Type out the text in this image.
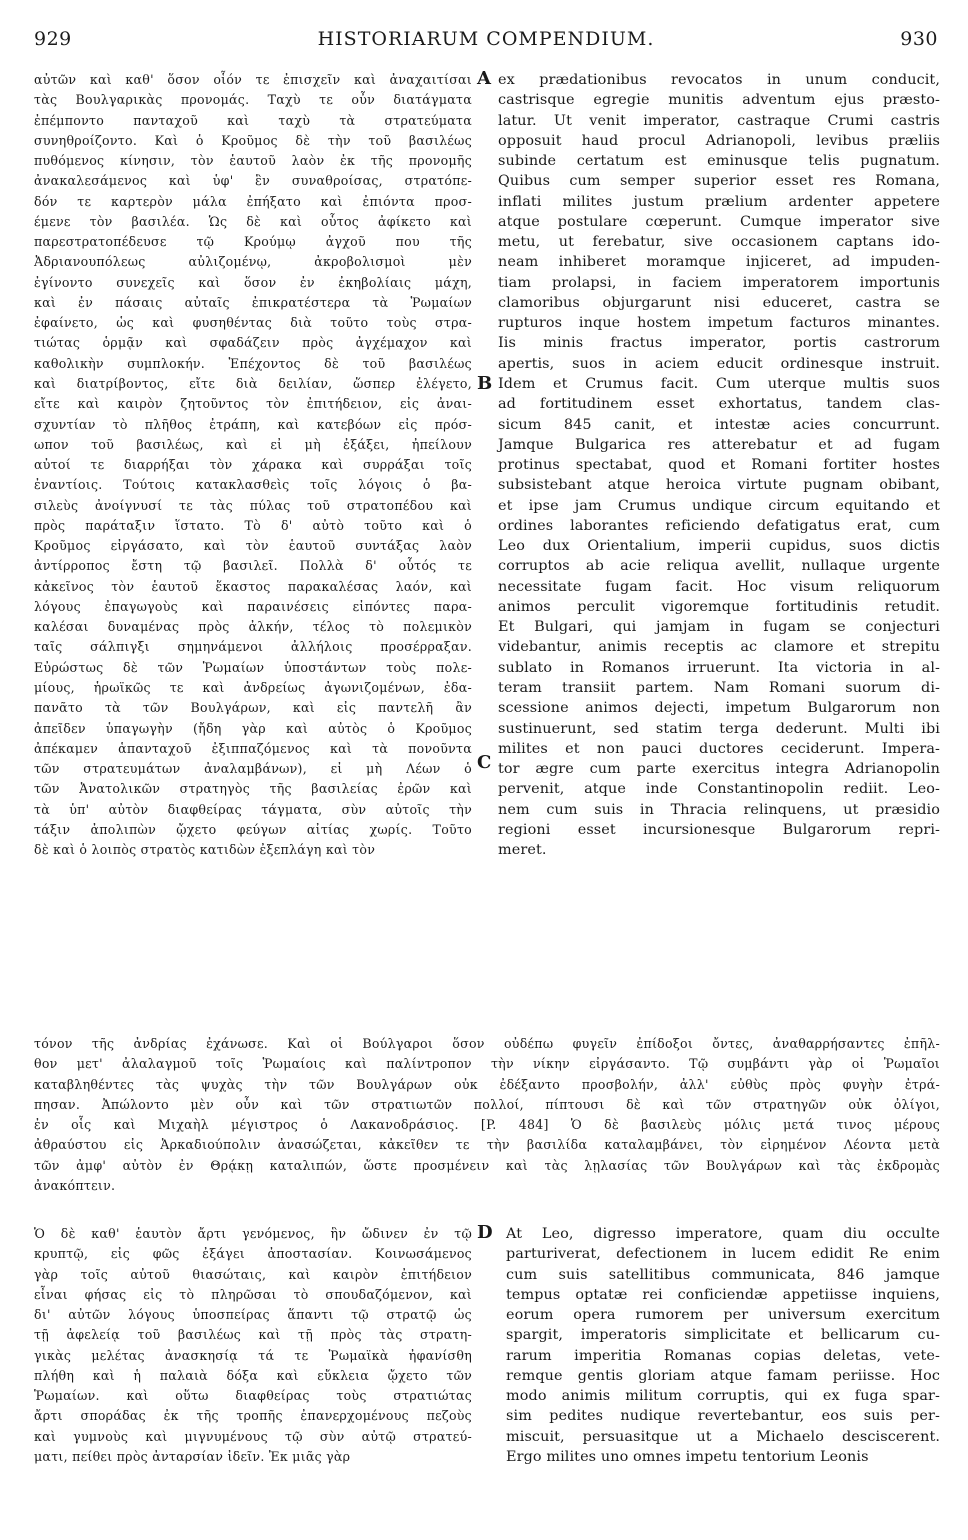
929	HISTORIARUM COMPENDIUM.	930
A
B
C
D
αὐτῶν καὶ καθ' ὅσον οἷόν τε ἐπισχεῖν καὶ ἀναχαιτίσαι
τὰς Βουλγαρικὰς προνομάς. Ταχὺ τε οὖν διατάγματα
ἐπέμποντο πανταχοῦ καὶ ταχὺ τὰ στρατεύματα
συνηθροίζοντο. Καὶ ὁ Κροῦμος δὲ τὴν τοῦ βασιλέως
πυθόμενος κίνησιν, τὸν ἑαυτοῦ λαὸν ἐκ τῆς προνομῆς
ἀνακαλεσάμενος καὶ ὑφ' ἓν συναθροίσας, στρατόπε-
δόν τε καρτερὸν μάλα ἐπήξατο καὶ ἐπιόντα προσ-
έμενε τὸν βασιλέα. Ὡς δὲ καὶ οὗτος ἀφίκετο καὶ
παρεστρατοπέδευσε τῷ Κρούμῳ ἀγχοῦ που τῆς
Ἀδριανουπόλεως αὐλιζομένῳ, ἀκροβολισμοὶ μὲν
ἐγίνοντο συνεχεῖς καὶ ὅσον ἐν ἐκηβολίαις μάχη,
καὶ ἐν πάσαις αὐταῖς ἐπικρατέστερα τὰ Ῥωμαίων
ἐφαίνετο, ὡς καὶ φυσηθέντας διὰ τοῦτο τοὺς στρα-
τιώτας ὁρμᾷν καὶ σφαδάζειν πρὸς ἀγχέμαχον καὶ
καθολικὴν συμπλοκήν. Ἐπέχοντος δὲ τοῦ βασιλέως
καὶ διατρίβοντος, εἴτε διὰ δειλίαν, ὥσπερ ἐλέγετο,
εἴτε καὶ καιρὸν ζητοῦντος τὸν ἐπιτήδειον, εἰς ἀναι-
σχυντίαν τὸ πλῆθος ἐτράπη, καὶ κατεβόων εἰς πρόσ-
ωπον τοῦ βασιλέως, καὶ εἰ μὴ ἐξάξει, ἠπείλουν
αὐτοί τε διαρρήξαι τὸν χάρακα καὶ συρράξαι τοῖς
ἐναντίοις. Τούτοις κατακλασθεὶς τοῖς λόγοις ὁ βα-
σιλεὺς ἀνοίγνυσί τε τὰς πύλας τοῦ στρατοπέδου καὶ
πρὸς παράταξιν ἵστατο. Τὸ δ' αὐτὸ τοῦτο καὶ ὁ
Κροῦμος εἰργάσατο, καὶ τὸν ἑαυτοῦ συντάξας λαὸν
ἀντίρροπος ἔστη τῷ βασιλεῖ. Πολλὰ δ' οὗτός τε
κἀκεῖνος τὸν ἑαυτοῦ ἕκαστος παρακαλέσας λαόν, καὶ
λόγους ἐπαγωγοὺς καὶ παραινέσεις εἰπόντες παρα-
καλέσαι δυναμένας πρὸς ἀλκήν, τέλος τὸ πολεμικὸν
ταῖς σάλπιγξι σημηνάμενοι ἀλλήλοις προσέρραξαν.
Εὐρώστως δὲ τῶν Ῥωμαίων ὑποστάντων τοὺς πολε-
μίους, ἡρωϊκῶς τε καὶ ἀνδρείως ἀγωνιζομένων, ἐδα-
πανᾶτο τὰ τῶν Βουλγάρων, καὶ εἰς παντελῆ ἂν
ἀπεῖδεν ὑπαγωγὴν (ἤδη γὰρ καὶ αὐτὸς ὁ Κροῦμος
ἀπέκαμεν ἁπανταχοῦ ἐξιππαζόμενος καὶ τὰ πονοῦντα
τῶν στρατευμάτων ἀναλαμβάνων), εἰ μὴ Λέων ὁ
τῶν Ἀνατολικῶν στρατηγὸς τῆς βασιλείας ἐρῶν καὶ
τὰ ὑπ' αὐτὸν διαφθείρας τάγματα, σὺν αὐτοῖς τὴν
τάξιν ἀπολιπὼν ᾤχετο φεύγων αἰτίας χωρίς. Τοῦτο
δὲ καὶ ὁ λοιπὸς στρατὸς κατιδὼν ἐξεπλάγη καὶ τὸν
ex prædationibus revocatos in unum conducit,
castrisque egregie munitis adventum ejus præsto-
latur. Ut venit imperator, castraque Crumi castris
opposuit haud procul Adrianopoli, levibus præliis
subinde certatum est eminusque telis pugnatum.
Quibus cum semper superior esset res Romana,
inflati milites justum prælium ardenter appetere
atque postulare cœperunt. Cumque imperator sive
metu, ut ferebatur, sive occasionem captans ido-
neam inhiberet moramque injiceret, ad impuden-
tiam prolapsi, in faciem imperatorem importunis
clamoribus objurgarunt nisi educeret, castra se
rupturos inque hostem impetum facturos minantes.
Iis minis fractus imperator, portis castrorum
apertis, suos in aciem educit ordinesque instruit.
Idem et Crumus facit. Cum uterque multis suos
ad fortitudinem esset exhortatus, tandem clas-
sicum 845 canit, et intestæ acies concurrunt.
Jamque Bulgarica res atterebatur et ad fugam
protinus spectabat, quod et Romani fortiter hostes
subsistebant atque heroica virtute pugnam obibant,
et ipse jam Crumus undique circum equitando et
ordines laborantes reficiendo defatigatus erat, cum
Leo dux Orientalium, imperii cupidus, suos dictis
corruptos ab acie reliqua avellit, nullaque urgente
necessitate fugam facit. Hoc visum reliquorum
animos perculit vigoremque fortitudinis retudit.
Et Bulgari, qui jamjam in fugam se conjecturi
videbantur, animis receptis ac clamore et strepitu
sublato in Romanos irruerunt. Ita victoria in al-
teram transiit partem. Nam Romani suorum di-
scessione animos dejecti, impetum Bulgarorum non
sustinuerunt, sed statim terga dederunt. Multi ibi
milites et non pauci ductores ceciderunt. Impera-
tor ægre cum parte exercitus integra Adrianopolin
pervenit, atque inde Constantinopolin rediit. Leo-
nem cum suis in Thracia relinquens, ut præsidio
regioni esset incursionesque Bulgarorum repri-
meret.
τόνον τῆς ἀνδρίας ἐχάνωσε. Καὶ οἱ Βούλγαροι ὅσον οὐδέπω φυγεῖν ἐπίδοξοι ὄντες, ἀναθαρρήσαντες ἐπῆλ-
θον μετ' ἀλαλαγμοῦ τοῖς Ῥωμαίοις καὶ παλίντροπον τὴν νίκην εἰργάσαντο. Τῷ συμβάντι γὰρ οἱ Ῥωμαῖοι
καταβληθέντες τὰς ψυχὰς τὴν τῶν Βουλγάρων οὐκ ἐδέξαντο προσβολήν, ἀλλ' εὐθὺς πρὸς φυγὴν ἐτρά-
πησαν. Ἀπώλοντο μὲν οὖν καὶ τῶν στρατιωτῶν πολλοί, πίπτουσι δὲ καὶ τῶν στρατηγῶν οὐκ ὀλίγοι,
ἐν οἷς καὶ Μιχαὴλ μέγιστρος ὁ Λακανοδράσιος. [P. 484] Ὁ δὲ βασιλεὺς μόλις μετά τινος μέρους
ἀθραύστου εἰς Ἀρκαδιούπολιν ἀνασώζεται, κἀκεῖθεν τε τὴν βασιλίδα καταλαμβάνει, τὸν εἰρημένον Λέοντα μετὰ
τῶν ἀμφ' αὐτὸν ἐν Θρᾴκῃ καταλιπών, ὥστε προσμένειν καὶ τὰς λῃλασίας τῶν Βουλγάρων καὶ τὰς ἐκδρομὰς
ἀνακόπτειν.
Ὁ δὲ καθ' ἑαυτὸν ἄρτι γενόμενος, ἣν ὤδινεν ἐν τῷ
κρυπτῷ, εἰς φῶς ἐξάγει ἀποστασίαν. Κοινωσάμενος
γὰρ τοῖς αὐτοῦ θιασώταις, καὶ καιρὸν ἐπιτήδειον
εἶναι φήσας εἰς τὸ πληρῶσαι τὸ σπουδαζόμενον, καὶ
δι' αὐτῶν λόγους ὑποσπείρας ἅπαντι τῷ στρατῷ ὡς
τῇ ἀφελείᾳ τοῦ βασιλέως καὶ τῇ πρὸς τὰς στρατη-
γικὰς μελέτας ἀνασκησίᾳ τά τε Ῥωμαϊκὰ ἠφανίσθη
πλήθη καὶ ἡ παλαιὰ δόξα καὶ εὔκλεια ᾤχετο τῶν
Ῥωμαίων. καὶ οὕτω διαφθείρας τοὺς στρατιώτας
ἄρτι σποράδας ἐκ τῆς τροπῆς ἐπανερχομένους πεζοὺς
καὶ γυμνοὺς καὶ μιγνυμένους τῷ σὺν αὐτῷ στρατεύ-
ματι, πείθει πρὸς ἀνταρσίαν ἰδεῖν. Ἐκ μιᾶς γὰρ
At Leo, digresso imperatore, quam diu occulte
parturiverat, defectionem in lucem edidit Re enim
cum suis satellitibus communicata, 846 jamque
tempus optatæ rei conficiendæ appetiisse inquiens,
eorum opera rumorem per universum exercitum
spargit, imperatoris simplicitate et bellicarum cu-
rarum imperitia Romanas copias deletas, vete-
remque gentis gloriam atque famam periisse. Hoc
modo animis militum corruptis, qui ex fuga spar-
sim pedites nudique revertebantur, eos suis per-
miscuit, persuasitque ut a Michaelo desciscerent.
Ergo milites uno omnes impetu tentorium Leonis
